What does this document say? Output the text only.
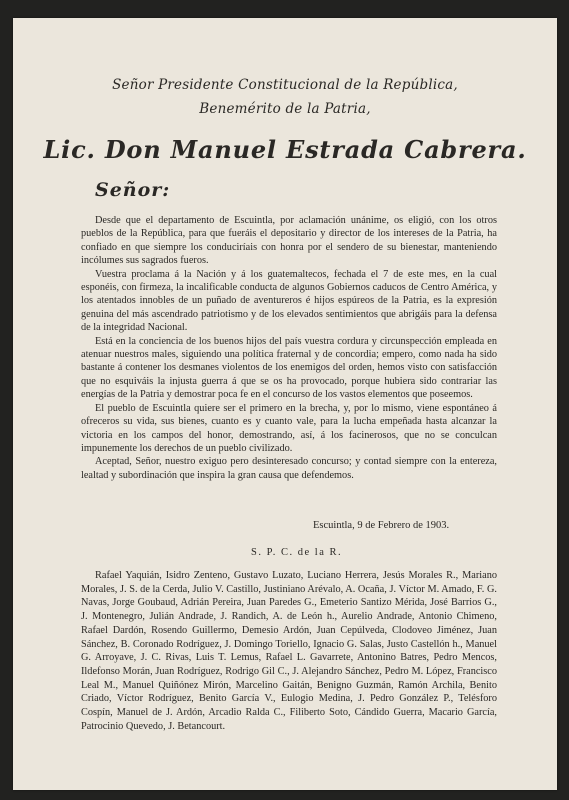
Señor Presidente Constitucional de la República,
Benemérito de la Patria,
Lic. Don Manuel Estrada Cabrera.
Señor:

Desde que el departamento de Escuintla, por aclamación unánime, os eligió, con los otros pueblos de la República, para que fueráis el depositario y director de los intereses de la Patria, ha confiado en que siempre los conduciríais con honra por el sendero de su bienestar, manteniendo incólumes sus sagrados fueros.

Vuestra proclama á la Nación y á los guatemaltecos, fechada el 7 de este mes, en la cual esponéis, con firmeza, la incalificable conducta de algunos Gobiernos caducos de Centro América, y los atentados innobles de un puñado de aventureros é hijos espúreos de la Patria, es la expresión genuina del más ascendrado patriotismo y de los elevados sentimientos que abrigáis para la defensa de la integridad Nacional.

Está en la conciencia de los buenos hijos del país vuestra cordura y circunspección empleada en atenuar nuestros males, siguiendo una política fraternal y de concordia; empero, como nada ha sido bastante á contener los desmanes violentos de los enemigos del orden, hemos visto con satisfacción que no esquiváis la injusta guerra á que se os ha provocado, porque hubiera sido contrariar las energías de la Patria y demostrar poca fe en el concurso de los vastos elementos que poseemos.

El pueblo de Escuintla quiere ser el primero en la brecha, y, por lo mismo, viene espontáneo á ofreceros su vida, sus bienes, cuanto es y cuanto vale, para la lucha empeñada hasta alcanzar la victoria en los campos del honor, demostrando, así, á los facinerosos, que no se conculcan impunemente los derechos de un pueblo civilizado.

Aceptad, Señor, nuestro exiguo pero desinteresado concurso; y contad siempre con la entereza, lealtad y subordinación que inspira la gran causa que defendemos.

Escuintla, 9 de Febrero de 1903.
S. P. C. de la R.

Rafael Yaquián, Isidro Zenteno, Gustavo Luzato, Luciano Herrera, Jesús Morales R., Mariano Morales, J. S. de la Cerda, Julio V. Castillo, Justiniano Arévalo, A. Ocaña, J. Víctor M. Amado, F. G. Navas, Jorge Goubaud, Adrián Pereira, Juan Paredes G., Emeterio Santizo Mérida, José Barrios G., J. Montenegro, Julián Andrade, J. Randich, A. de León h., Aurelio Andrade, Antonio Chimeno, Rafael Dardón, Rosendo Guillermo, Demesio Ardón, Juan Cepúlveda, Clodoveo Jiménez, Juan Sánchez, B. Coronado Rodríguez, J. Domingo Toriello, Ignacio G. Salas, Justo Castellón h., Manuel G. Arroyave, J. C. Rivas, Luis T. Lemus, Rafael L. Gavarrete, Antonino Batres, Pedro Mencos, Ildefonso Morán, Juan Rodríguez, Rodrigo Gil C., J. Alejandro Sánchez, Pedro M. López, Francisco Leal M., Manuel Quiñónez Mirón, Marcelino Gaitán, Benigno Guzmán, Ramón Archila, Benito Criado, Víctor Rodríguez, Benito García V., Eulogio Medina, J. Pedro González P., Telésforo Cospín, Manuel de J. Ardón, Arcadio Ralda C., Filiberto Soto, Cándido Guerra, Macario García, Patrocinio Quevedo, J. Betancourt.
